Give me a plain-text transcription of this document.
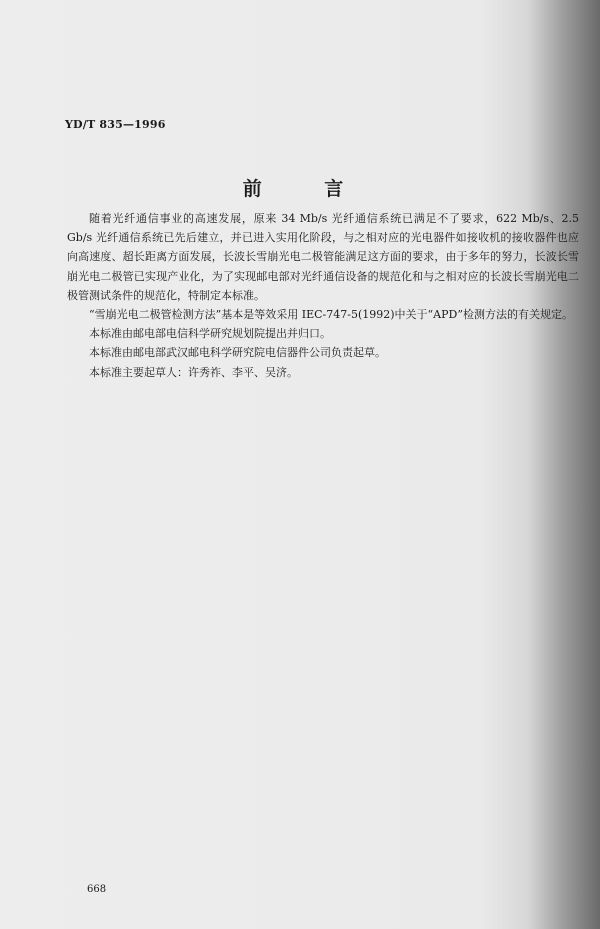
YD/T 835—1996
前 言

随着光纤通信事业的高速发展，原来 34 Mb/s 光纤通信系统已满足不了要求，622 Mb/s、2.5 Gb/s 光纤通信系统已先后建立，并已进入实用化阶段，与之相对应的光电器件如接收机的接收器件也应向高速度、超长距离方面发展，长波长雪崩光电二极管能满足这方面的要求，由于多年的努力，长波长雪崩光电二极管已实现产业化，为了实现邮电部对光纤通信设备的规范化和与之相对应的长波长雪崩光电二极管测试条件的规范化，特制定本标准。

“雪崩光电二极管检测方法”基本是等效采用 IEC-747-5(1992)中关于“APD”检测方法的有关规定。

本标准由邮电部电信科学研究规划院提出并归口。

本标准由邮电部武汉邮电科学研究院电信器件公司负责起草。

本标准主要起草人：许秀祚、李平、吴济。

668
